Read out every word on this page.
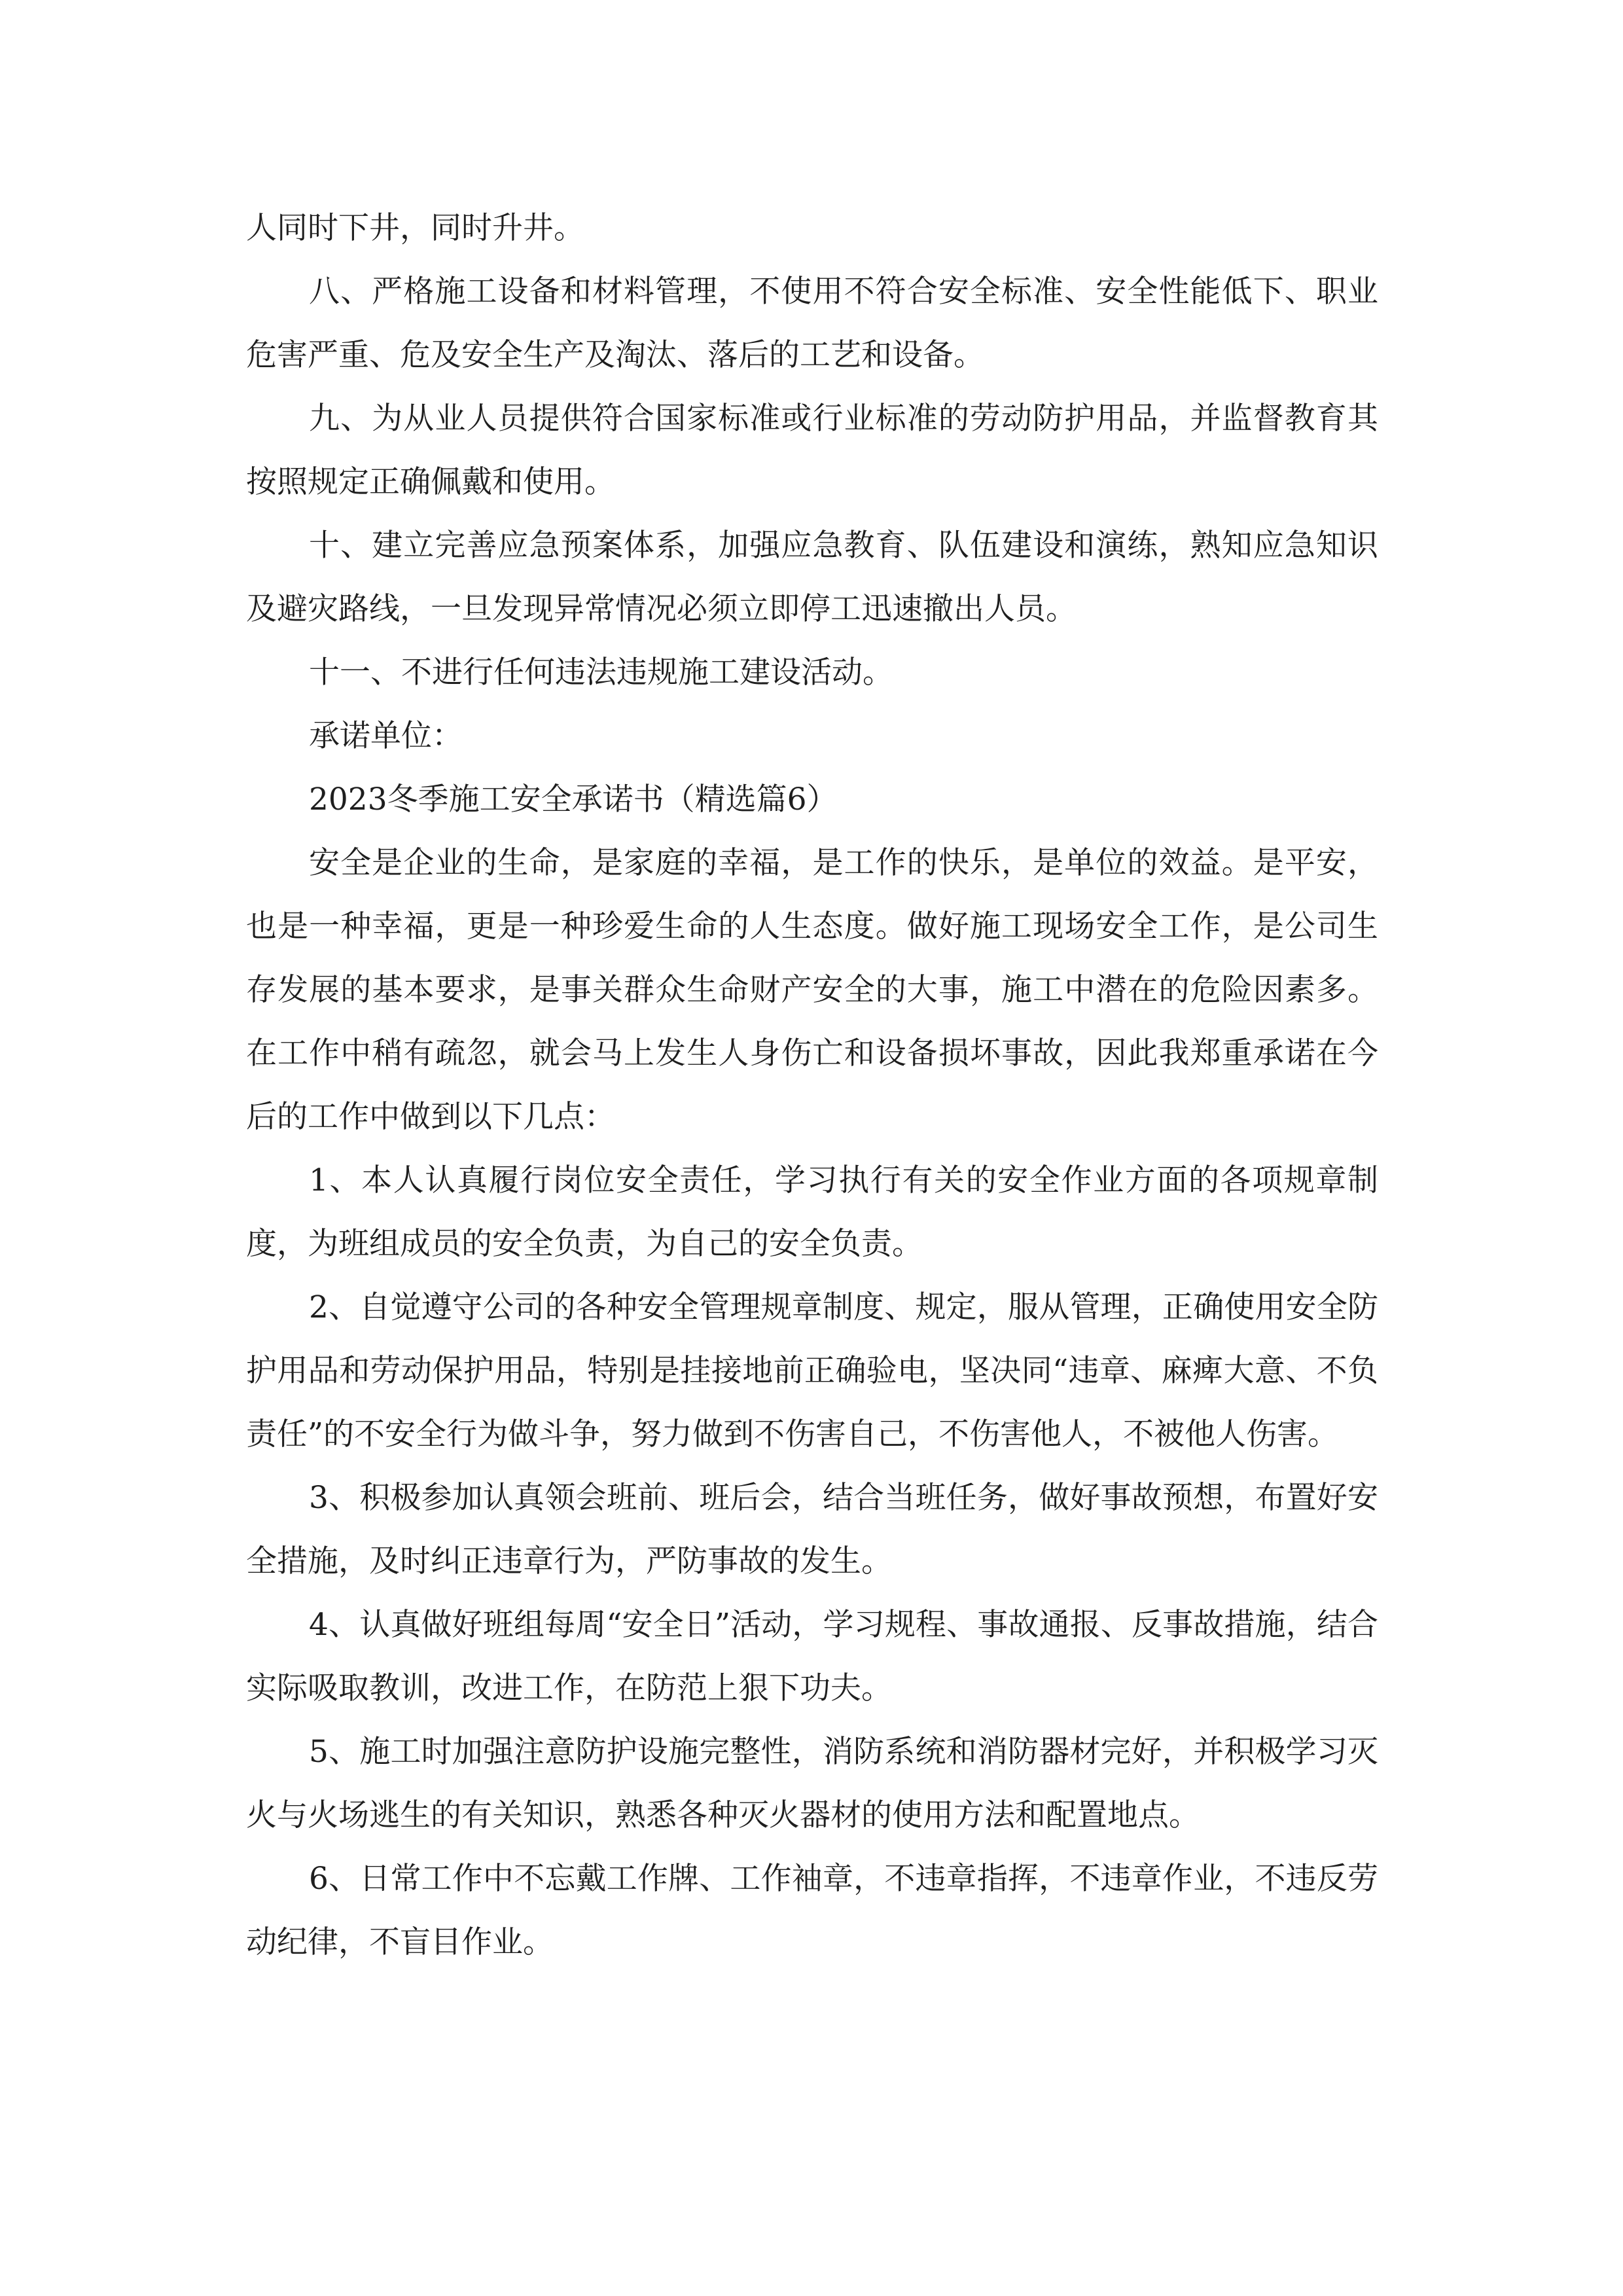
人同时下井，同时升井。

八、严格施工设备和材料管理，不使用不符合安全标准、安全性能低下、职业危害严重、危及安全生产及淘汰、落后的工艺和设备。

九、为从业人员提供符合国家标准或行业标准的劳动防护用品，并监督教育其按照规定正确佩戴和使用。

十、建立完善应急预案体系，加强应急教育、队伍建设和演练，熟知应急知识及避灾路线，一旦发现异常情况必须立即停工迅速撤出人员。

十一、不进行任何违法违规施工建设活动。

承诺单位：

2023冬季施工安全承诺书（精选篇6）

安全是企业的生命，是家庭的幸福，是工作的快乐，是单位的效益。是平安，也是一种幸福，更是一种珍爱生命的人生态度。做好施工现场安全工作，是公司生存发展的基本要求，是事关群众生命财产安全的大事，施工中潜在的危险因素多。在工作中稍有疏忽，就会马上发生人身伤亡和设备损坏事故，因此我郑重承诺在今后的工作中做到以下几点：

1、本人认真履行岗位安全责任，学习执行有关的安全作业方面的各项规章制度，为班组成员的安全负责，为自己的安全负责。

2、自觉遵守公司的各种安全管理规章制度、规定，服从管理，正确使用安全防护用品和劳动保护用品，特别是挂接地前正确验电，坚决同“违章、麻痺大意、不负责任”的不安全行为做斗争，努力做到不伤害自己，不伤害他人，不被他人伤害。

3、积极参加认真领会班前、班后会，结合当班任务，做好事故预想，布置好安全措施，及时纠正违章行为，严防事故的发生。

4、认真做好班组每周“安全日”活动，学习规程、事故通报、反事故措施，结合实际吸取教训，改进工作，在防范上狠下功夫。

5、施工时加强注意防护设施完整性，消防系统和消防器材完好，并积极学习灭火与火场逃生的有关知识，熟悉各种灭火器材的使用方法和配置地点。

6、日常工作中不忘戴工作牌、工作袖章，不违章指挥，不违章作业，不违反劳动纪律，不盲目作业。
